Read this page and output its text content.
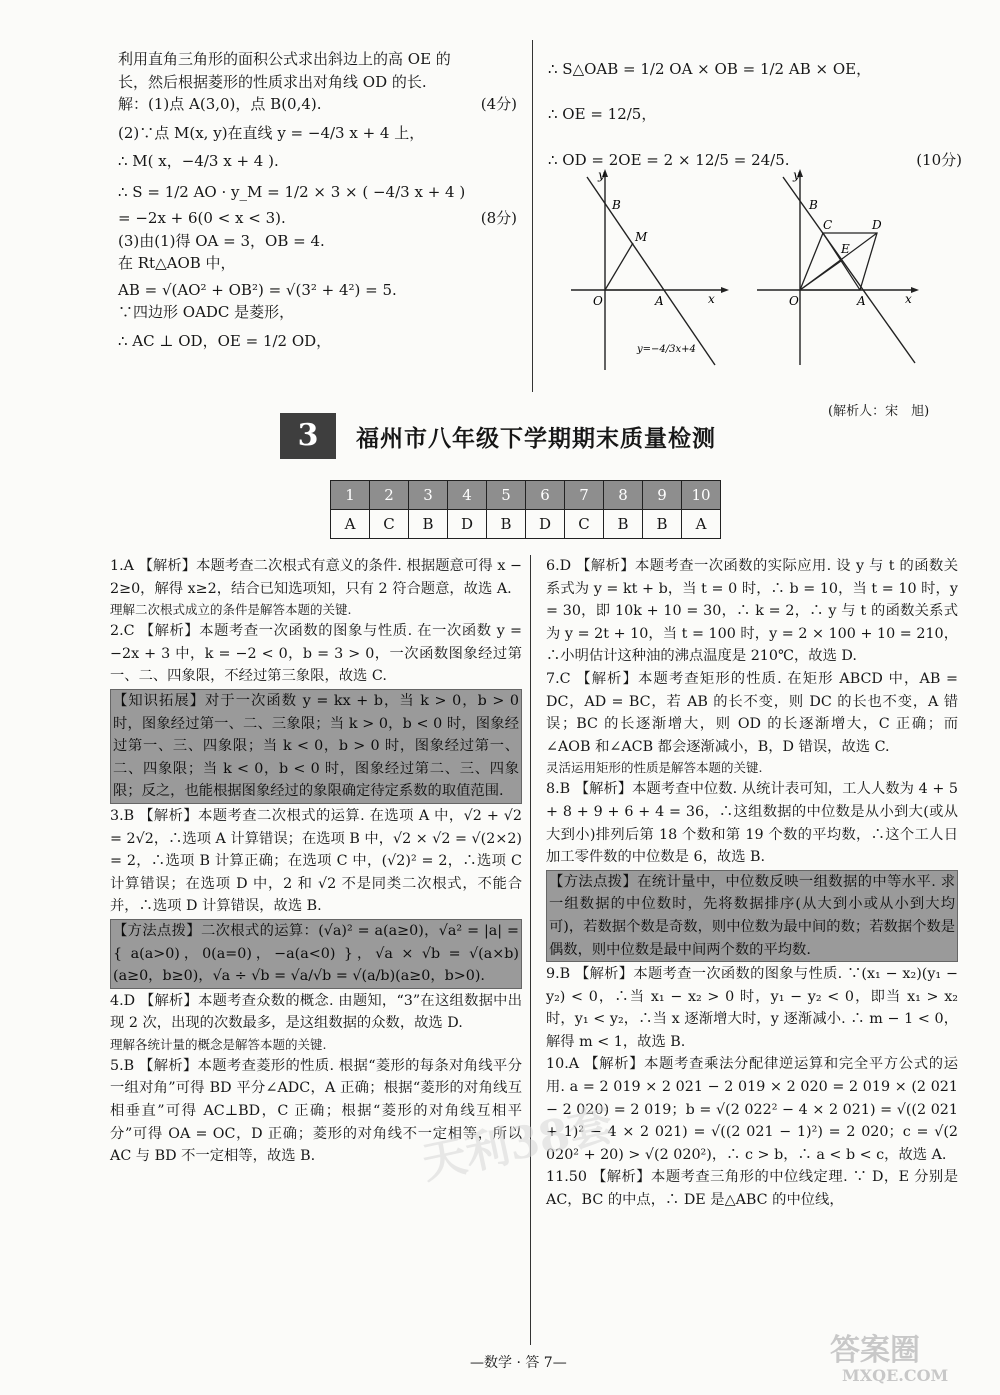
利用直角三角形的面积公式求出斜边上的高 OE 的
长，然后根据菱形的性质求出对角线 OD 的长.
解：(1)点 A(3,0)，点 B(0,4).	(4分)
(2)∵点 M(x, y)在直线 y = −4/3 x + 4 上，
∴ M( x，−4/3 x + 4 ).
∴ S = 1/2 AO · y_M = 1/2 × 3 × ( −4/3 x + 4 )
= −2x + 6(0 < x < 3).	(8分)
(3)由(1)得 OA = 3，OB = 4.
在 Rt△AOB 中，
AB = √(AO² + OB²) = √(3² + 4²) = 5.
∵四边形 OADC 是菱形，
∴ AC ⊥ OD，OE = 1/2 OD，
∴ S△OAB = 1/2 OA × OB = 1/2 AB × OE，
∴ OE = 12/5，
∴ OD = 2OE = 2 × 12/5 = 24/5.	(10分)
y
x
O	A
B
M
y=−4/3x+4
y
x
O	A
B
C	D
E
(解析人：宋　旭)
3	福州市八年级下学期期末质量检测
1	2	3	4	5	6	7	8	9	10
A	C	B	D	B	D	C	B	B	A

1.A 【解析】本题考查二次根式有意义的条件. 根据题意可得 x − 2≥0，解得 x≥2，结合已知选项知，只有 2 符合题意，故选 A.

理解二次根式成立的条件是解答本题的关键.

2.C 【解析】本题考查一次函数的图象与性质. 在一次函数 y = −2x + 3 中，k = −2 < 0，b = 3 > 0，一次函数图象经过第一、二、四象限，不经过第三象限，故选 C.

【知识拓展】对于一次函数 y = kx + b，当 k > 0，b > 0 时，图象经过第一、二、三象限；当 k > 0，b < 0 时，图象经过第一、三、四象限；当 k < 0，b > 0 时，图象经过第一、二、四象限；当 k < 0，b < 0 时，图象经过第二、三、四象限；反之，也能根据图象经过的象限确定待定系数的取值范围.

3.B 【解析】本题考查二次根式的运算. 在选项 A 中，√2 + √2 = 2√2，∴选项 A 计算错误；在选项 B 中，√2 × √2 = √(2×2) = 2，∴选项 B 计算正确；在选项 C 中，(√2)² = 2，∴选项 C 计算错误；在选项 D 中，2 和 √2 不是同类二次根式，不能合并，∴选项 D 计算错误，故选 B.

【方法点拨】二次根式的运算：(√a)² = a(a≥0)，√a² = |a| = { a(a>0)，0(a=0)，−a(a<0) }，√a × √b = √(a×b)(a≥0，b≥0)，√a ÷ √b = √a/√b = √(a/b)(a≥0，b>0).

4.D 【解析】本题考查众数的概念. 由题知，“3”在这组数据中出现 2 次，出现的次数最多，是这组数据的众数，故选 D.

理解各统计量的概念是解答本题的关键.

5.B 【解析】本题考查菱形的性质. 根据“菱形的每条对角线平分一组对角”可得 BD 平分∠ADC，A 正确；根据“菱形的对角线互相垂直”可得 AC⊥BD，C 正确；根据“菱形的对角线互相平分”可得 OA = OC，D 正确；菱形的对角线不一定相等，所以 AC 与 BD 不一定相等，故选 B.

6.D 【解析】本题考查一次函数的实际应用. 设 y 与 t 的函数关系式为 y = kt + b，当 t = 0 时，∴ b = 10，当 t = 10 时，y = 30，即 10k + 10 = 30，∴ k = 2，∴ y 与 t 的函数关系式为 y = 2t + 10，当 t = 100 时，y = 2 × 100 + 10 = 210，∴小明估计这种油的沸点温度是 210℃，故选 D.

7.C 【解析】本题考查矩形的性质. 在矩形 ABCD 中，AB = DC，AD = BC，若 AB 的长不变，则 DC 的长也不变，A 错误；BC 的长逐渐增大，则 OD 的长逐渐增大，C 正确；而∠AOB 和∠ACB 都会逐渐减小，B，D 错误，故选 C.

灵活运用矩形的性质是解答本题的关键.

8.B 【解析】本题考查中位数. 从统计表可知，工人人数为 4 + 5 + 8 + 9 + 6 + 4 = 36，∴这组数据的中位数是从小到大(或从大到小)排列后第 18 个数和第 19 个数的平均数，∴这个工人日加工零件数的中位数是 6，故选 B.

【方法点拨】在统计量中，中位数反映一组数据的中等水平. 求一组数据的中位数时，先将数据排序(从大到小或从小到大均可)，若数据个数是奇数，则中位数为最中间的数；若数据个数是偶数，则中位数是最中间两个数的平均数.

9.B 【解析】本题考查一次函数的图象与性质. ∵(x₁ − x₂)(y₁ − y₂) < 0，∴当 x₁ − x₂ > 0 时，y₁ − y₂ < 0，即当 x₁ > x₂ 时，y₁ < y₂，∴当 x 逐渐增大时，y 逐渐减小. ∴ m − 1 < 0，解得 m < 1，故选 B.

10.A 【解析】本题考查乘法分配律逆运算和完全平方公式的运用. a = 2 019 × 2 021 − 2 019 × 2 020 = 2 019 × (2 021 − 2 020) = 2 019；b = √(2 022² − 4 × 2 021) = √((2 021 + 1)² − 4 × 2 021) = √((2 021 − 1)²) = 2 020；c = √(2 020² + 20) > √(2 020²)，∴ c > b，∴ a < b < c，故选 A.

11.50 【解析】本题考查三角形的中位线定理. ∵ D，E 分别是 AC，BC 的中点，∴ DE 是△ABC 的中位线，

天利38套
答案圈
MXQE.COM
—数学 · 答 7—
